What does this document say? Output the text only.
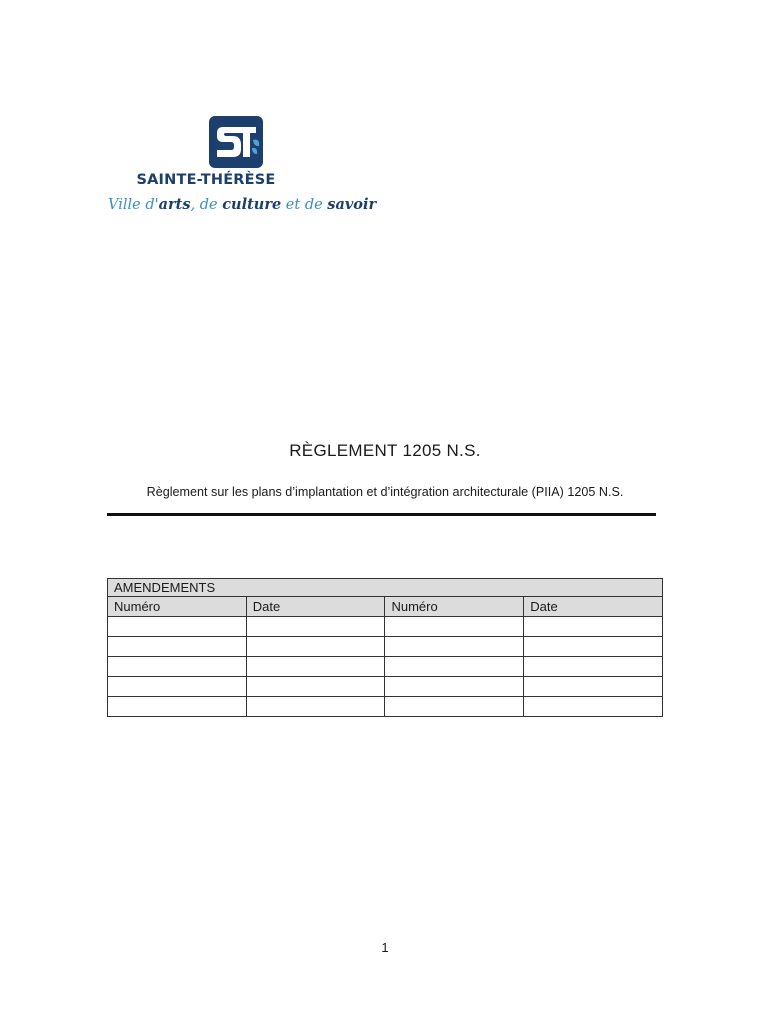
SAINTE-THÉRÈSE
Ville d'arts, de culture et de savoir
RÈGLEMENT 1205 N.S.
Règlement sur les plans d’implantation et d’intégration architecturale (PIIA) 1205 N.S.
AMENDEMENTS			
Numéro	Date	Numéro	Date

1
